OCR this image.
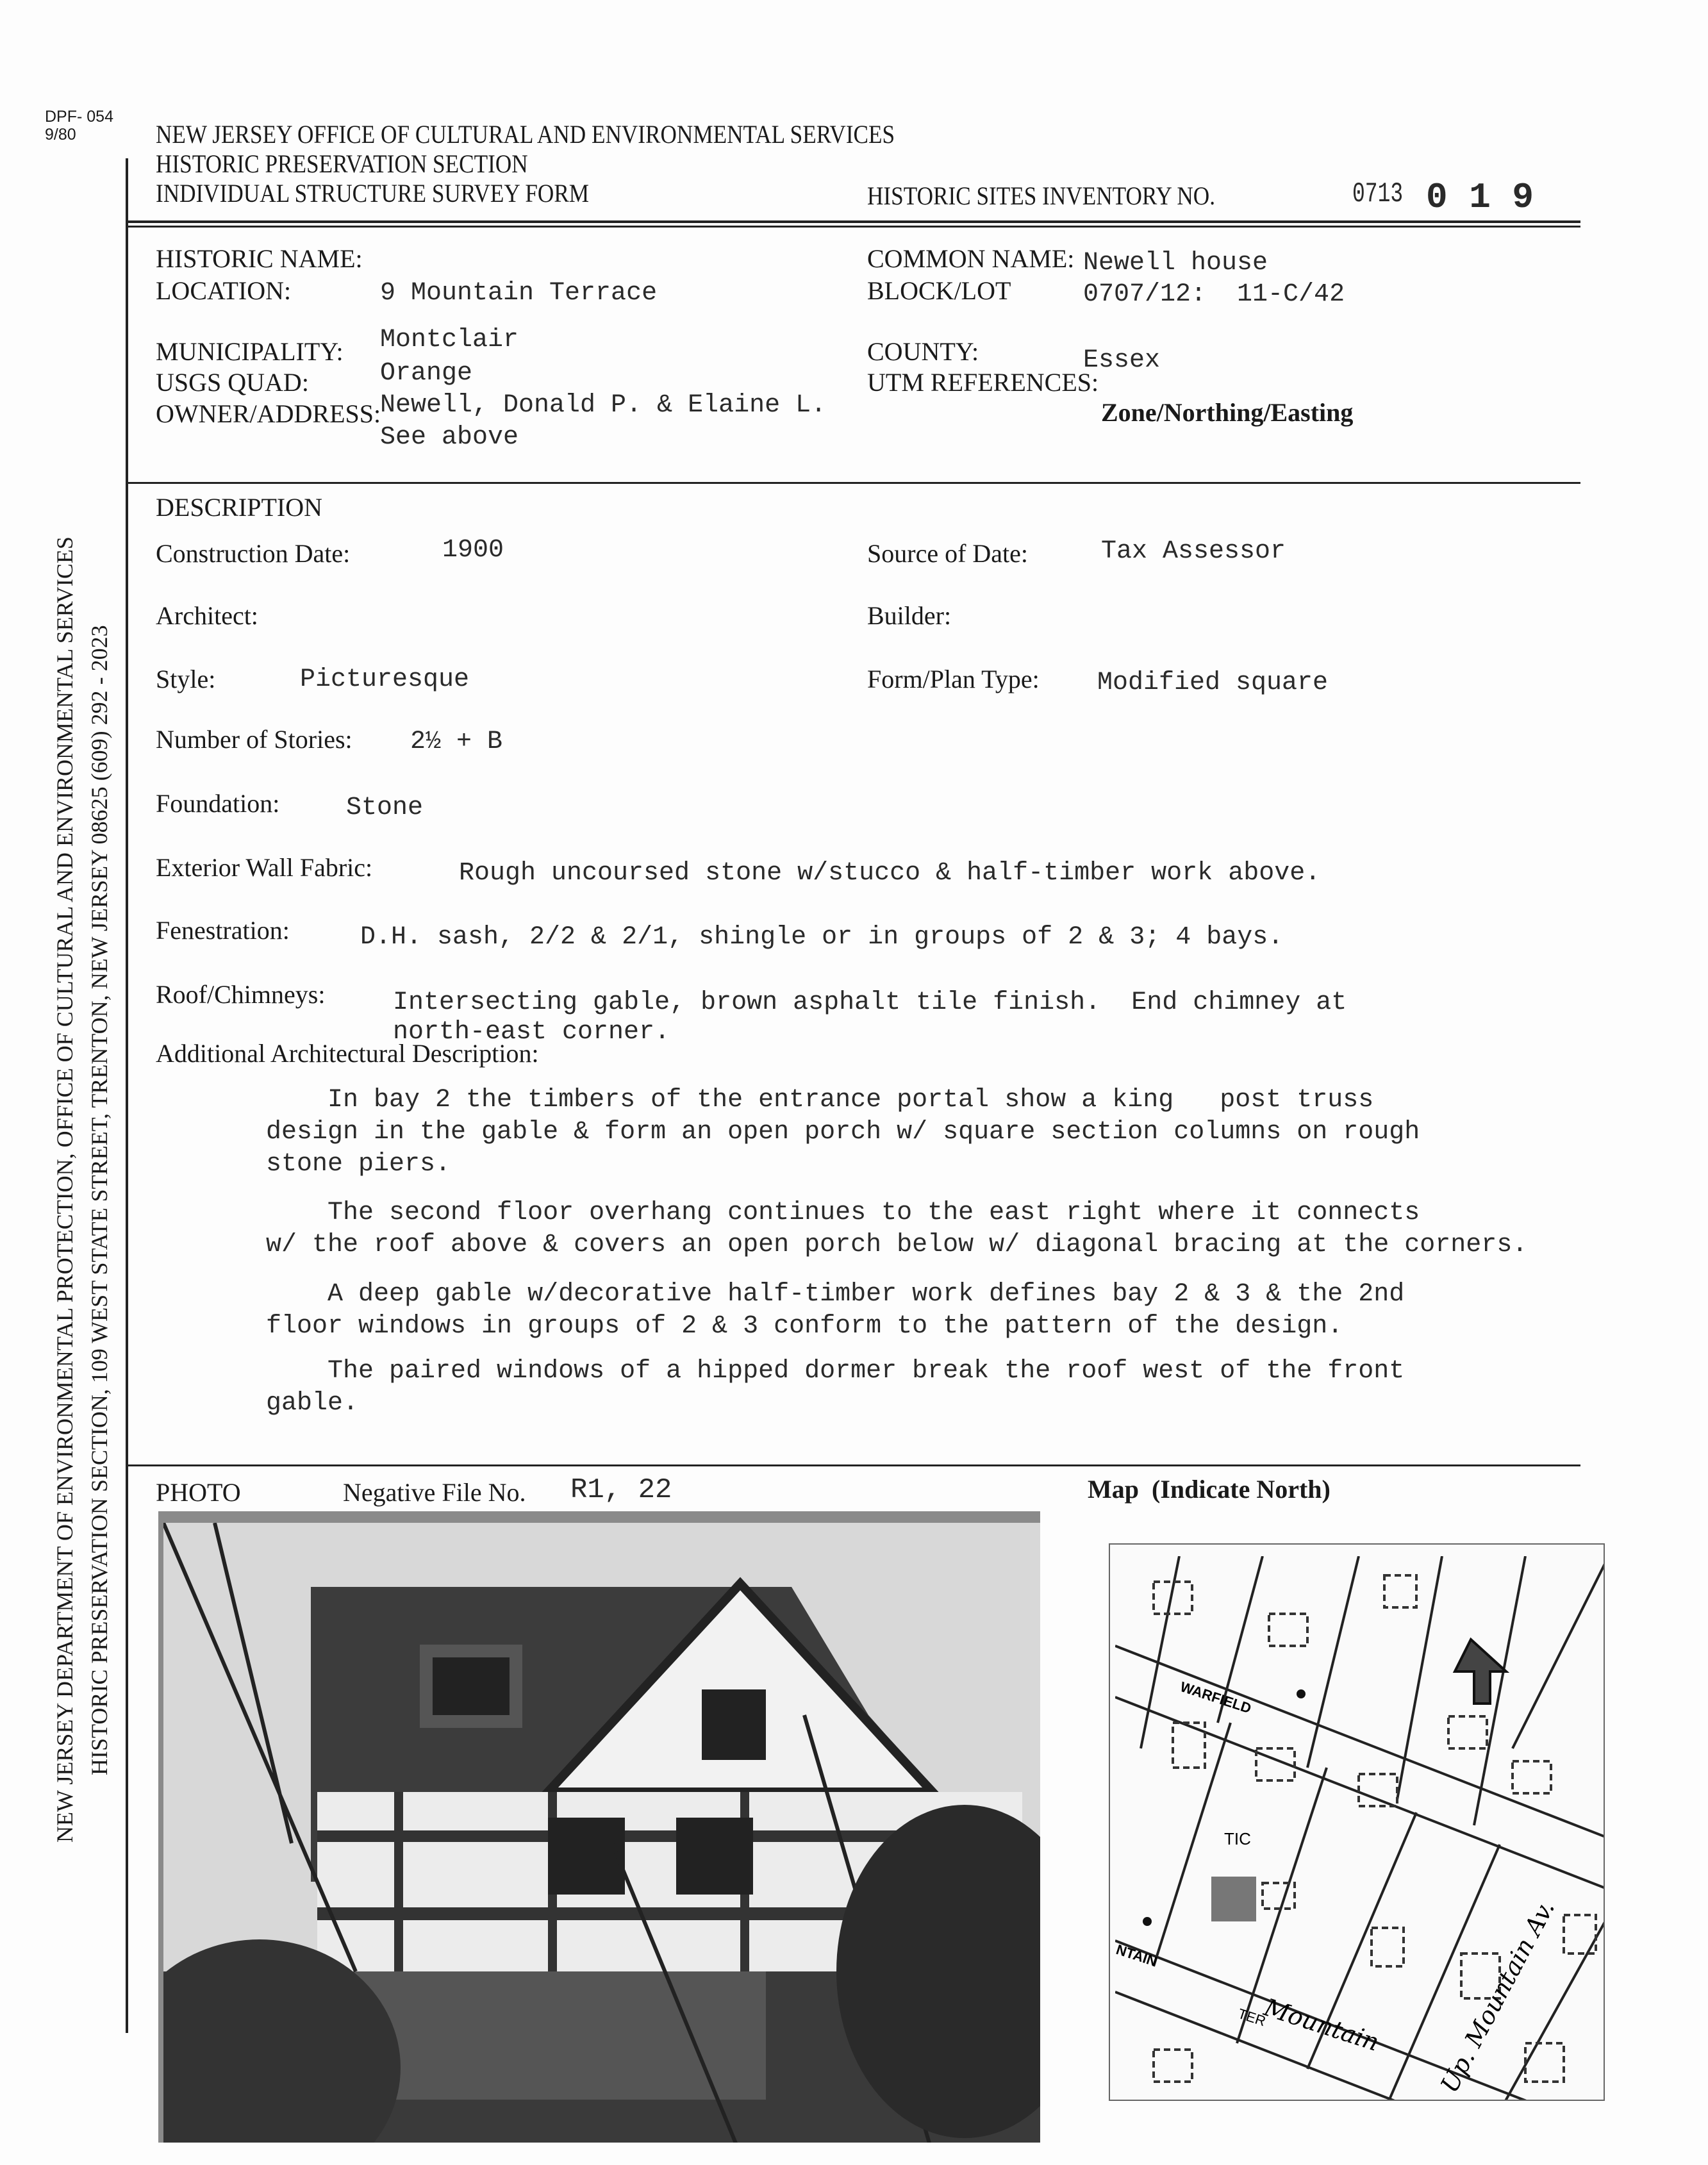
DPF- 054
9/80	NEW JERSEY OFFICE OF CULTURAL AND ENVIRONMENTAL SERVICES
HISTORIC PRESERVATION SECTION
INDIVIDUAL STRUCTURE SURVEY FORM	HISTORIC SITES INVENTORY NO.	0713 0 1 9
NEW JERSEY DEPARTMENT OF ENVIRONMENTAL PROTECTION, OFFICE OF CULTURAL AND ENVIRONMENTAL SERVICES HISTORIC PRESERVATION SECTION, 109 WEST STATE STREET, TRENTON, NEW JERSEY 08625 (609) 292 - 2023
HISTORIC NAME:
LOCATION:	9 Mountain Terrace
MUNICIPALITY: Montclair
USGS QUAD:	Orange
OWNER/ADDRESS:
Newell, Donald P. & Elaine L.
See above
COMMON NAME: Newell house
BLOCK/LOT	0707/12:  11-C/42
COUNTY:	Essex
UTM REFERENCES:
Zone/Northing/Easting
DESCRIPTION
Construction Date:	1900	Source of Date:	Tax Assessor
Architect:	Builder:
Style:	Picturesque	Form/Plan Type: Modified square
Number of Stories: 2½ + B
Foundation:	Stone
Exterior Wall Fabric:	Rough uncoursed stone w/stucco & half-timber work above.
Fenestration:	D.H. sash, 2/2 & 2/1, shingle or in groups of 2 & 3; 4 bays.
Roof/Chimneys:	Intersecting gable, brown asphalt tile finish.  End chimney at
north-east corner.
Additional Architectural Description:
In bay 2 the timbers of the entrance portal show a king   post truss
design in the gable & form an open porch w/ square section columns on rough
stone piers.
The second floor overhang continues to the east right where it connects
w/ the roof above & covers an open porch below w/ diagonal bracing at the corners.
A deep gable w/decorative half-timber work defines bay 2 & 3 & the 2nd
floor windows in groups of 2 & 3 conform to the pattern of the design.
The paired windows of a hipped dormer break the roof west of the front
gable.
PHOTO	Negative File No. R1, 22	Map  (Indicate North)

WARFIELD
TIC
NTAIN
TER
Mountain Up. Mountain Av.
